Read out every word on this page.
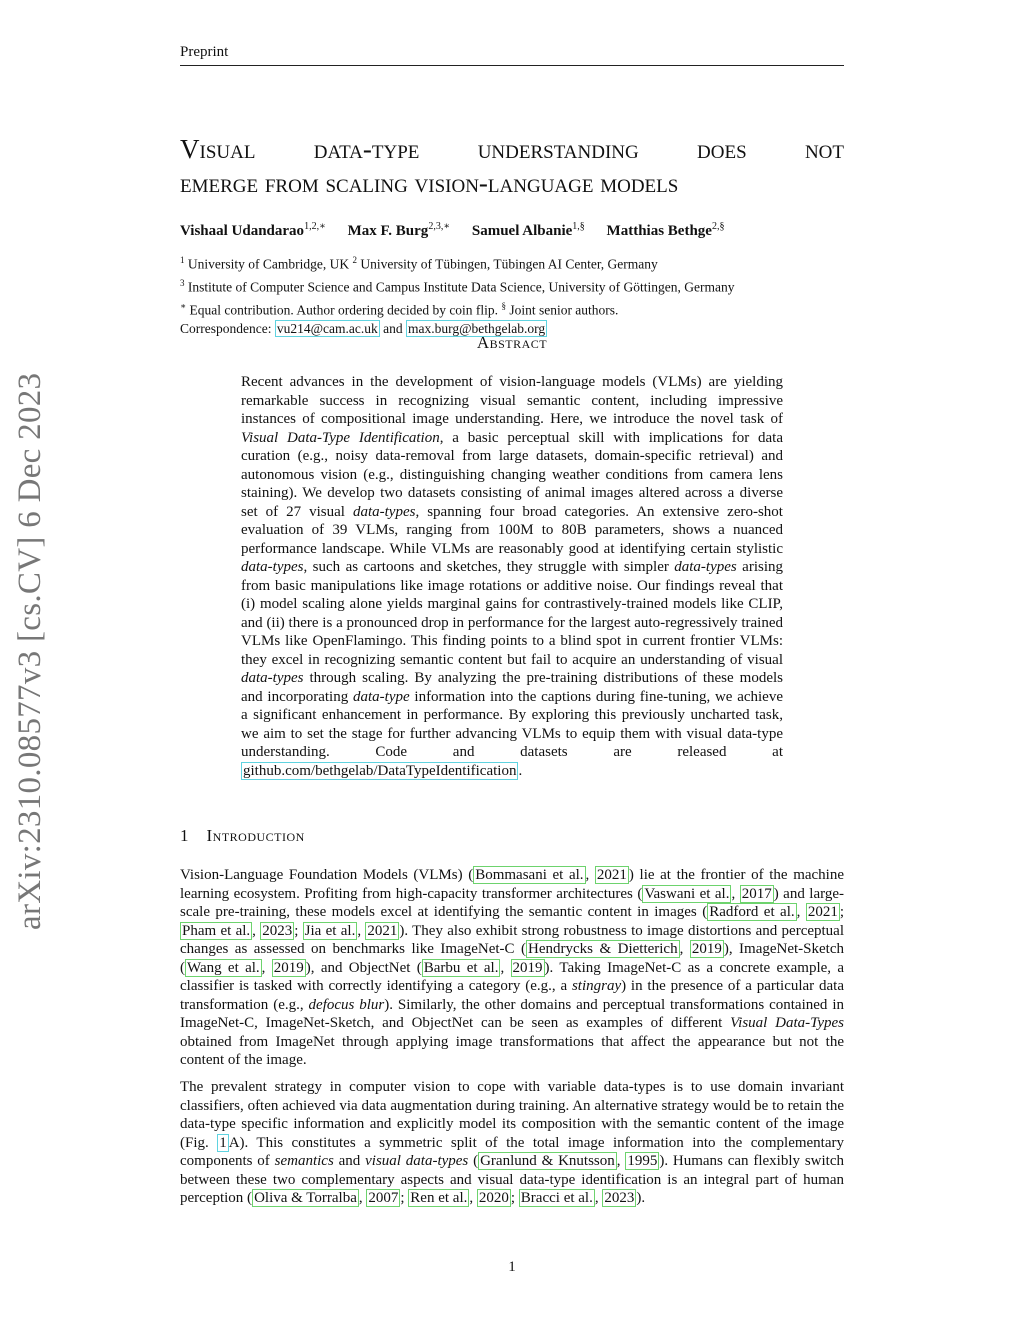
Preprint
arXiv:2310.08577v3 [cs.CV] 6 Dec 2023
Visual data-type understanding does not
emerge from scaling vision-language models
Vishaal Udandarao$^{1,2,∗}$ Max F. Burg$^{2,3,∗}$ Samuel Albanie$^{1,\S}$ Matthias Bethge$^{2,\S}$
$^1$ University of Cambridge, UK $^2$ University of Tübingen, Tübingen AI Center, Germany
$^3$ Institute of Computer Science and Campus Institute Data Science, University of Göttingen, Germany
∗ Equal contribution. Author ordering decided by coin flip. § Joint senior authors.
Correspondence: vu214@cam.ac.uk and max.burg@bethgelab.org
Abstract
Recent advances in the development of vision-language models (VLMs) are yielding remarkable success in recognizing visual semantic content, including impressive instances of compositional image understanding. Here, we introduce the novel task of Visual Data-Type Identification, a basic perceptual skill with implications for data curation (e.g., noisy data-removal from large datasets, domain-specific retrieval) and autonomous vision (e.g., distinguishing changing weather conditions from camera lens staining). We develop two datasets consisting of animal images altered across a diverse set of 27 visual data-types, spanning four broad categories. An extensive zero-shot evaluation of 39 VLMs, ranging from 100M to 80B parameters, shows a nuanced performance landscape. While VLMs are reasonably good at identifying certain stylistic data-types, such as cartoons and sketches, they struggle with simpler data-types arising from basic manipulations like image rotations or additive noise. Our findings reveal that (i) model scaling alone yields marginal gains for contrastively-trained models like CLIP, and (ii) there is a pronounced drop in performance for the largest auto-regressively trained VLMs like OpenFlamingo. This finding points to a blind spot in current frontier VLMs: they excel in recognizing semantic content but fail to acquire an understanding of visual data-types through scaling. By analyzing the pre-training distributions of these models and incorporating data-type information into the captions during fine-tuning, we achieve a significant enhancement in performance. By exploring this previously uncharted task, we aim to set the stage for further advancing VLMs to equip them with visual data-type understanding. Code and datasets are released at github.com/bethgelab/DataTypeIdentification .
1 Introduction
Vision-Language Foundation Models (VLMs) ( Bommasani et al. , 2021 ) lie at the frontier of the machine learning ecosystem. Profiting from high-capacity transformer architectures ( Vaswani et al. , 2017 ) and large-scale pre-training, these models excel at identifying the semantic content in images ( Radford et al. , 2021 ; Pham et al. , 2023 ; Jia et al. , 2021 ). They also exhibit strong robustness to image distortions and perceptual changes as assessed on benchmarks like ImageNet-C ( Hendrycks & Dietterich , 2019 ), ImageNet-Sketch ( Wang et al. , 2019 ), and ObjectNet ( Barbu et al. , 2019 ). Taking ImageNet-C as a concrete example, a classifier is tasked with correctly identifying a category (e.g., a stingray) in the presence of a particular data transformation (e.g., defocus blur). Similarly, the other domains and perceptual transformations contained in ImageNet-C, ImageNet-Sketch, and ObjectNet can be seen as examples of different Visual Data-Types obtained from ImageNet through applying image transformations that affect the appearance but not the content of the image.
The prevalent strategy in computer vision to cope with variable data-types is to use domain invariant classifiers, often achieved via data augmentation during training. An alternative strategy would be to retain the data-type specific information and explicitly model its composition with the semantic content of the image (Fig. 1 A). This constitutes a symmetric split of the total image information into the complementary components of semantics and visual data-types ( Granlund & Knutsson , 1995 ). Humans can flexibly switch between these two complementary aspects and visual data-type identification is an integral part of human perception ( Oliva & Torralba , 2007 ; Ren et al. , 2020 ; Bracci et al. , 2023 ).
1
